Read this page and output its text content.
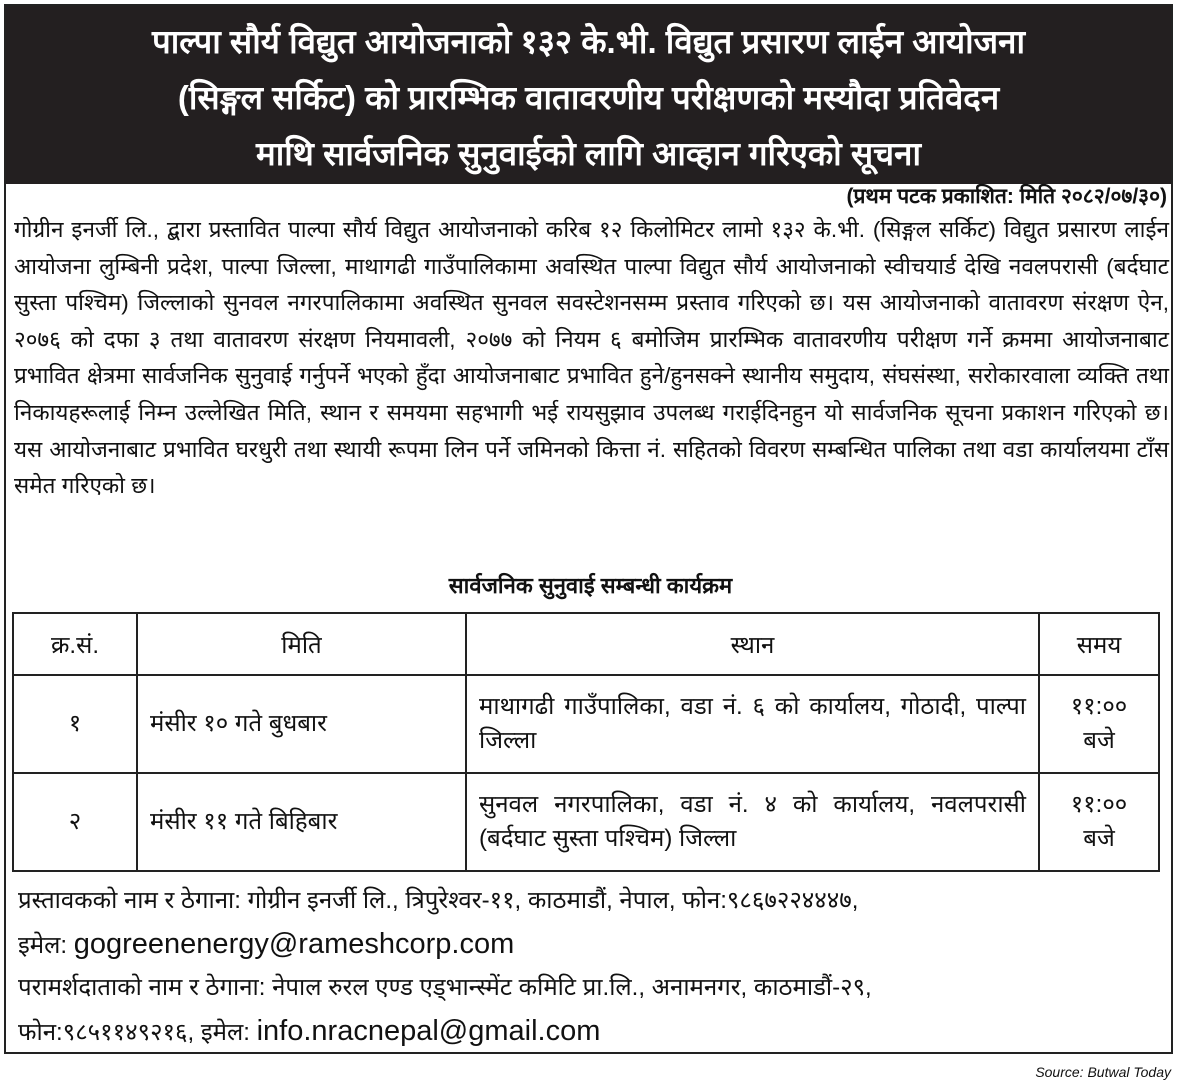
पाल्पा सौर्य विद्युत आयोजनाको १३२ के.भी. विद्युत प्रसारण लाईन आयोजना
(सिङ्गल सर्किट) को प्रारम्भिक वातावरणीय परीक्षणको मस्यौदा प्रतिवेदन
माथि सार्वजनिक सुनुवाईको लागि आव्हान गरिएको सूचना
(प्रथम पटक प्रकाशित: मिति २०८२/०७/३०)
गोग्रीन इनर्जी लि., द्बारा प्रस्तावित पाल्पा सौर्य विद्युत आयोजनाको करिब १२ किलोमिटर लामो १३२ के.भी. (सिङ्गल सर्किट) विद्युत प्रसारण लाईन आयोजना लुम्बिनी प्रदेश, पाल्पा जिल्ला, माथागढी गाउँपालिकामा अवस्थित पाल्पा विद्युत सौर्य आयोजनाको स्वीचयार्ड देखि नवलपरासी (बर्दघाट सुस्ता पश्चिम) जिल्लाको सुनवल नगरपालिकामा अवस्थित सुनवल सवस्टेशनसम्म प्रस्ताव गरिएको छ। यस आयोजनाको वातावरण संरक्षण ऐन, २०७६ को दफा ३ तथा वातावरण संरक्षण नियमावली, २०७७ को नियम ६ बमोजिम प्रारम्भिक वातावरणीय परीक्षण गर्ने क्रममा आयोजनाबाट प्रभावित क्षेत्रमा सार्वजनिक सुनुवाई गर्नुपर्ने भएको हुँदा आयोजनाबाट प्रभावित हुने/हुनसक्ने स्थानीय समुदाय, संघसंस्था, सरोकारवाला व्यक्ति तथा निकायहरूलाई निम्न उल्लेखित मिति, स्थान र समयमा सहभागी भई रायसुझाव उपलब्ध गराईदिनहुन यो सार्वजनिक सूचना प्रकाशन गरिएको छ। यस आयोजनाबाट प्रभावित घरधुरी तथा स्थायी रूपमा लिन पर्ने जमिनको कित्ता नं. सहितको विवरण सम्बन्धित पालिका तथा वडा कार्यालयमा टाँस समेत गरिएको छ।
सार्वजनिक सुनुवाई सम्बन्धी कार्यक्रम
क्र.सं.	मिति	स्थान	समय
१	मंसीर १० गते बुधबार	माथागढी गाउँपालिका, वडा नं. ६ को कार्यालय, गोठादी, पाल्पा जिल्ला	११:०० बजे
२	मंसीर ११ गते बिहिबार	सुनवल नगरपालिका, वडा नं. ४ को कार्यालय, नवलपरासी (बर्दघाट सुस्ता पश्चिम) जिल्ला	११:०० बजे
प्रस्तावकको नाम र ठेगाना: गोग्रीन इनर्जी लि., त्रिपुरेश्वर-११, काठमाडौं, नेपाल, फोन:९८६७२२४४४७,
इमेल: gogreenenergy@rameshcorp.com
परामर्शदाताको नाम र ठेगाना: नेपाल रुरल एण्ड एड्भान्स्मेंट कमिटि प्रा.लि., अनामनगर, काठमाडौं-२९,
फोन:९८५११४९२१६, इमेल: info.nracnepal@gmail.com
Source: Butwal Today
